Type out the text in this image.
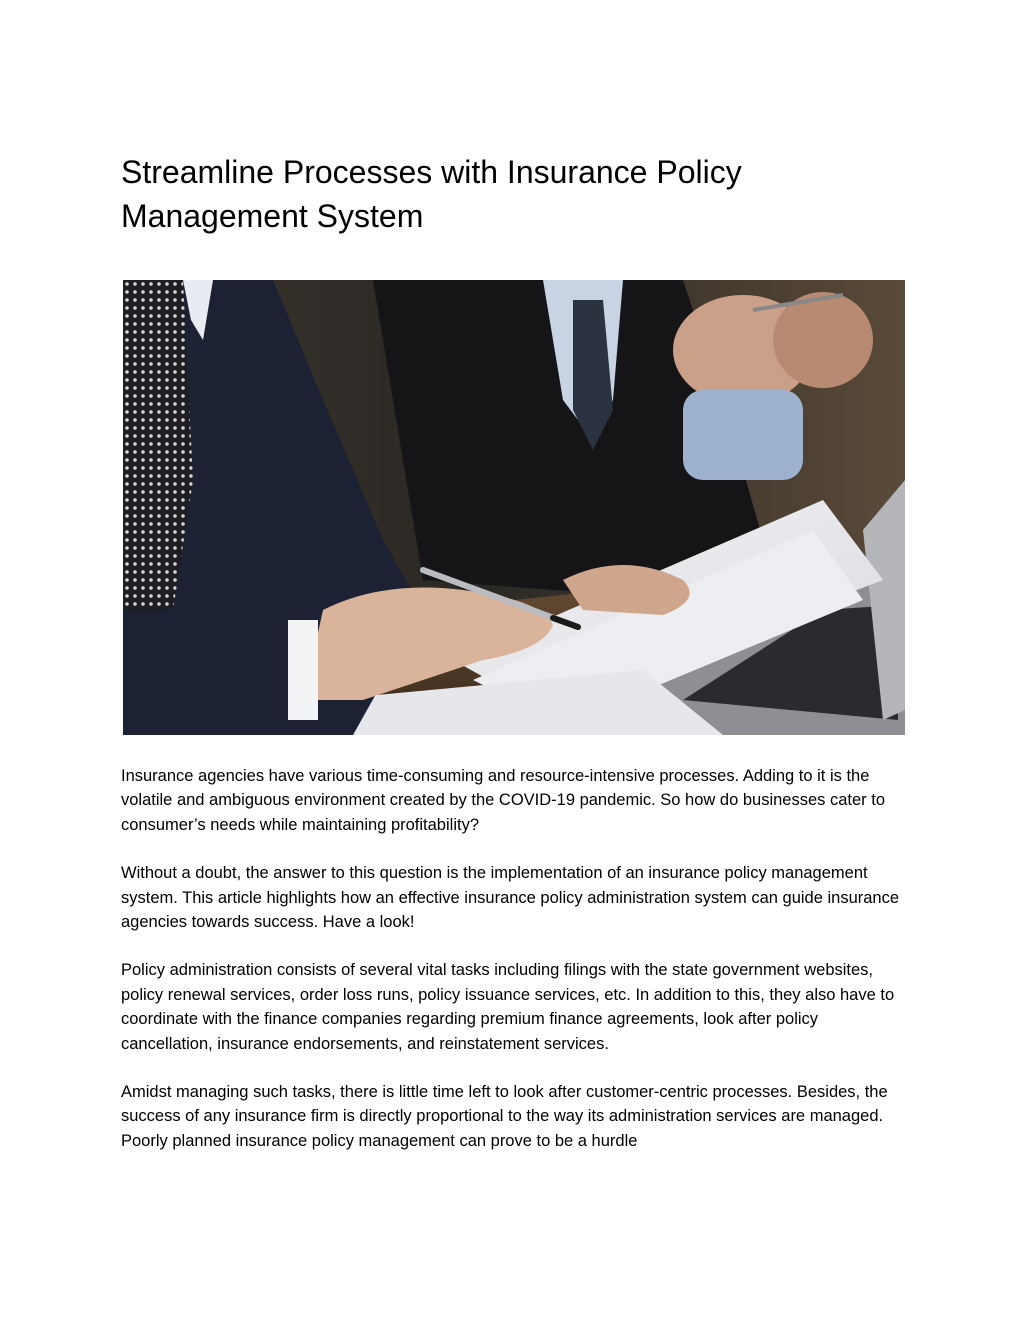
Streamline Processes with Insurance Policy Management System

Insurance agencies have various time-consuming and resource-intensive processes. Adding to it is the volatile and ambiguous environment created by the COVID-19 pandemic. So how do businesses cater to consumer’s needs while maintaining profitability?

Without a doubt, the answer to this question is the implementation of an insurance policy management system. This article highlights how an effective insurance policy administration system can guide insurance agencies towards success. Have a look!

Policy administration consists of several vital tasks including filings with the state government websites, policy renewal services, order loss runs, policy issuance services, etc. In addition to this, they also have to coordinate with the finance companies regarding premium finance agreements, look after policy cancellation, insurance endorsements, and reinstatement services.

Amidst managing such tasks, there is little time left to look after customer-centric processes. Besides, the success of any insurance firm is directly proportional to the way its administration services are managed. Poorly planned insurance policy management can prove to be a hurdle
